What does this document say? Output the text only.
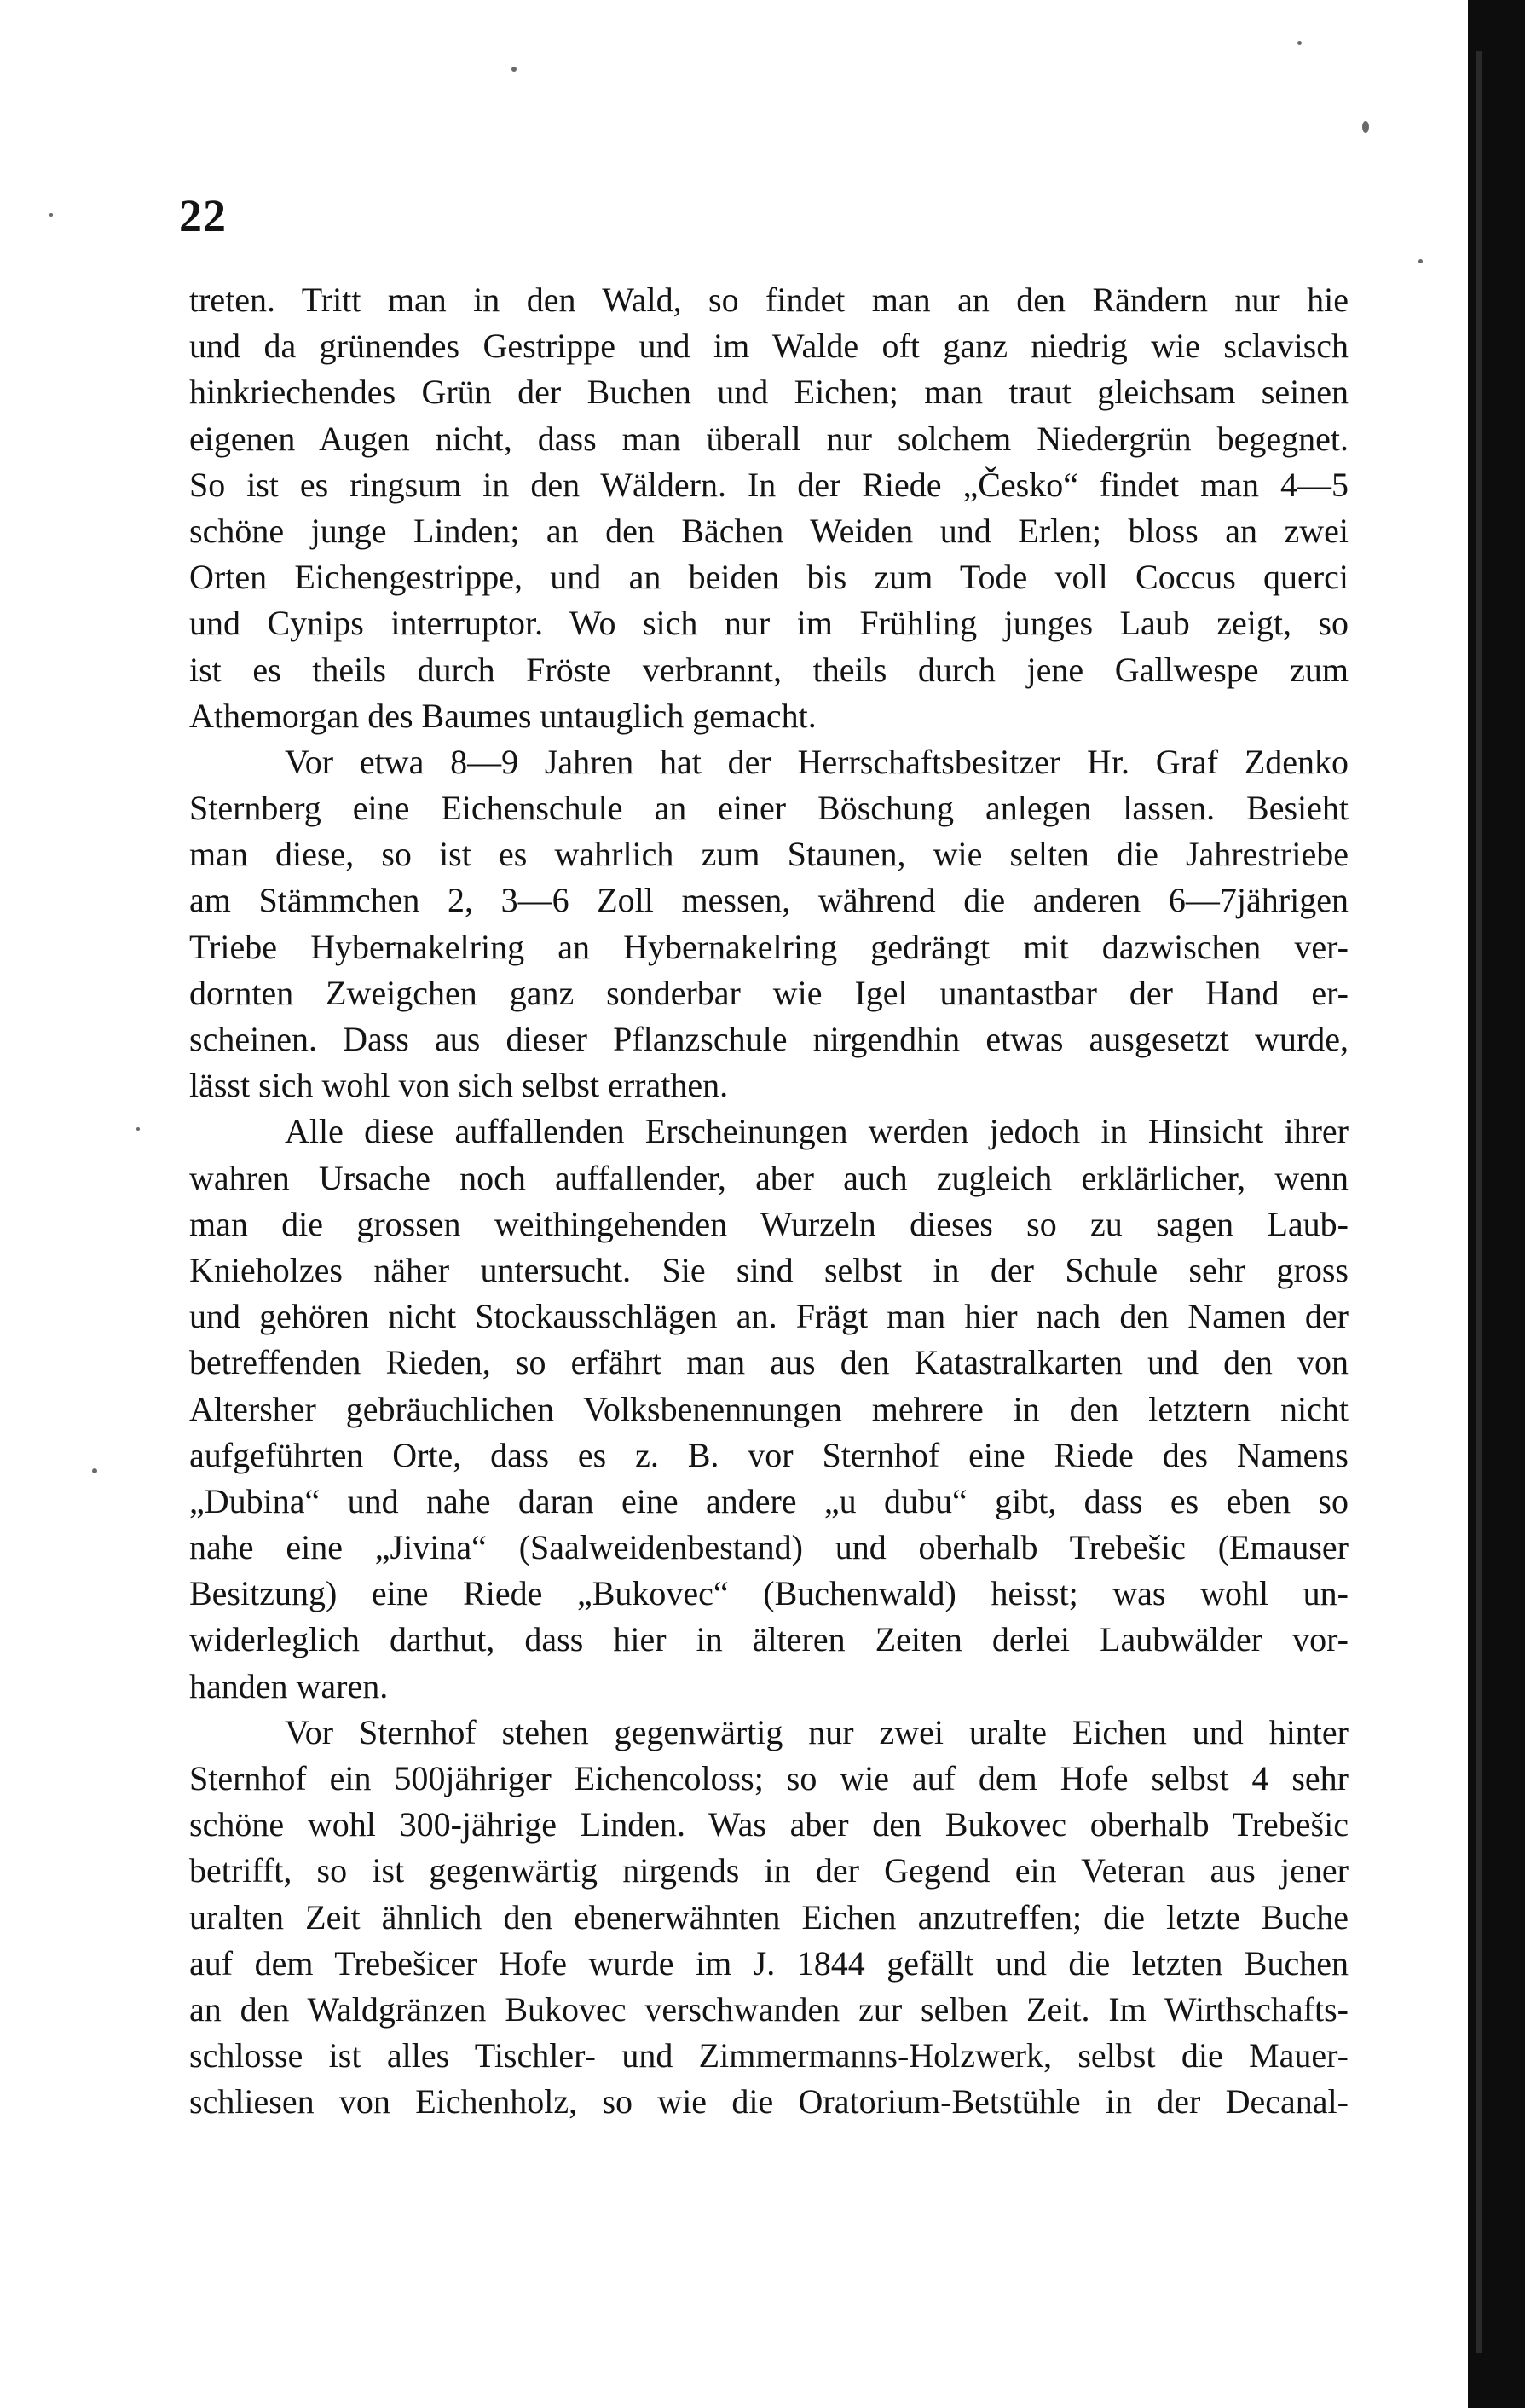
22
treten. Tritt man in den Wald, so findet man an den Rändern nur hie
und da grünendes Gestrippe und im Walde oft ganz niedrig wie sclavisch
hinkriechendes Grün der Buchen und Eichen; man traut gleichsam seinen
eigenen Augen nicht, dass man überall nur solchem Niedergrün begegnet.
So ist es ringsum in den Wäldern. In der Riede „Česko“ findet man 4—5
schöne junge Linden; an den Bächen Weiden und Erlen; bloss an zwei
Orten Eichengestrippe, und an beiden bis zum Tode voll Coccus querci
und Cynips interruptor. Wo sich nur im Frühling junges Laub zeigt, so
ist es theils durch Fröste verbrannt, theils durch jene Gallwespe zum
Athemorgan des Baumes untauglich gemacht.
Vor etwa 8—9 Jahren hat der Herrschaftsbesitzer Hr. Graf Zdenko
Sternberg eine Eichenschule an einer Böschung anlegen lassen. Besieht
man diese, so ist es wahrlich zum Staunen, wie selten die Jahrestriebe
am Stämmchen 2, 3—6 Zoll messen, während die anderen 6—7jährigen
Triebe Hybernakelring an Hybernakelring gedrängt mit dazwischen ver-
dornten Zweigchen ganz sonderbar wie Igel unantastbar der Hand er-
scheinen. Dass aus dieser Pflanzschule nirgendhin etwas ausgesetzt wurde,
lässt sich wohl von sich selbst errathen.
Alle diese auffallenden Erscheinungen werden jedoch in Hinsicht ihrer
wahren Ursache noch auffallender, aber auch zugleich erklärlicher, wenn
man die grossen weithingehenden Wurzeln dieses so zu sagen Laub-
Knieholzes näher untersucht. Sie sind selbst in der Schule sehr gross
und gehören nicht Stockausschlägen an. Frägt man hier nach den Namen der
betreffenden Rieden, so erfährt man aus den Katastralkarten und den von
Altersher gebräuchlichen Volksbenennungen mehrere in den letztern nicht
aufgeführten Orte, dass es z. B. vor Sternhof eine Riede des Namens
„Dubina“ und nahe daran eine andere „u dubu“ gibt, dass es eben so
nahe eine „Jivina“ (Saalweidenbestand) und oberhalb Trebešic (Emauser
Besitzung) eine Riede „Bukovec“ (Buchenwald) heisst; was wohl un-
widerleglich darthut, dass hier in älteren Zeiten derlei Laubwälder vor-
handen waren.
Vor Sternhof stehen gegenwärtig nur zwei uralte Eichen und hinter
Sternhof ein 500jähriger Eichencoloss; so wie auf dem Hofe selbst 4 sehr
schöne wohl 300-jährige Linden. Was aber den Bukovec oberhalb Trebešic
betrifft, so ist gegenwärtig nirgends in der Gegend ein Veteran aus jener
uralten Zeit ähnlich den ebenerwähnten Eichen anzutreffen; die letzte Buche
auf dem Trebešicer Hofe wurde im J. 1844 gefällt und die letzten Buchen
an den Waldgränzen Bukovec verschwanden zur selben Zeit. Im Wirthschafts-
schlosse ist alles Tischler- und Zimmermanns-Holzwerk, selbst die Mauer-
schliesen von Eichenholz, so wie die Oratorium-Betstühle in der Decanal-
